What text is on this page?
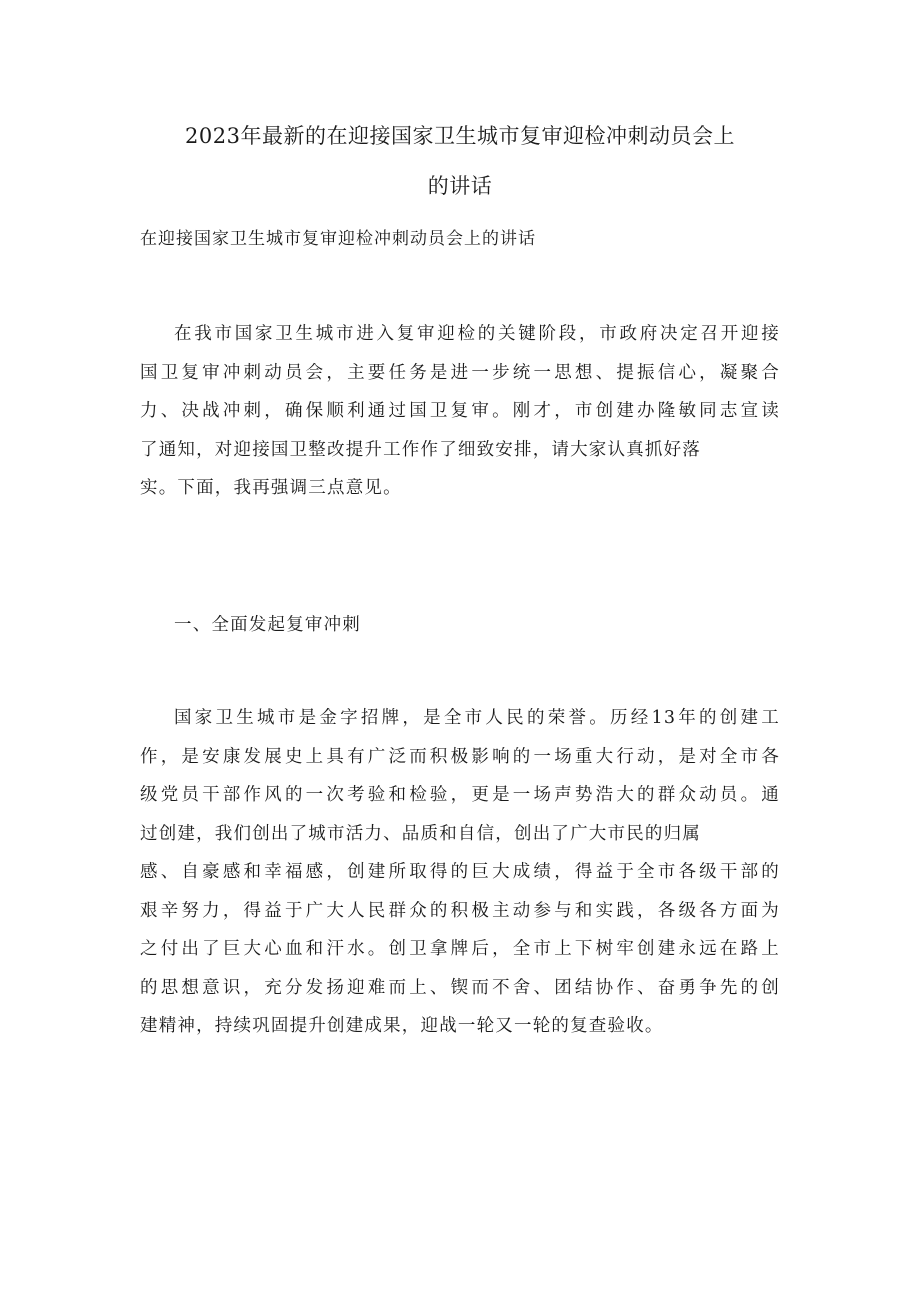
2023年最新的在迎接国家卫生城市复审迎检冲刺动员会上
的讲话
在迎接国家卫生城市复审迎检冲刺动员会上的讲话
在我市国家卫生城市进入复审迎检的关键阶段，市政府决定召开迎接
国卫复审冲刺动员会，主要任务是进一步统一思想、提振信心，凝聚合
力、决战冲刺，确保顺利通过国卫复审。刚才，市创建办隆敏同志宣读
了通知，对迎接国卫整改提升工作作了细致安排，请大家认真抓好落
实。下面，我再强调三点意见。
一、全面发起复审冲刺
国家卫生城市是金字招牌，是全市人民的荣誉。历经13年的创建工
作，是安康发展史上具有广泛而积极影响的一场重大行动，是对全市各
级党员干部作风的一次考验和检验，更是一场声势浩大的群众动员。通
过创建，我们创出了城市活力、品质和自信，创出了广大市民的归属
感、自豪感和幸福感，创建所取得的巨大成绩，得益于全市各级干部的
艰辛努力，得益于广大人民群众的积极主动参与和实践，各级各方面为
之付出了巨大心血和汗水。创卫拿牌后，全市上下树牢创建永远在路上
的思想意识，充分发扬迎难而上、锲而不舍、团结协作、奋勇争先的创
建精神，持续巩固提升创建成果，迎战一轮又一轮的复查验收。
